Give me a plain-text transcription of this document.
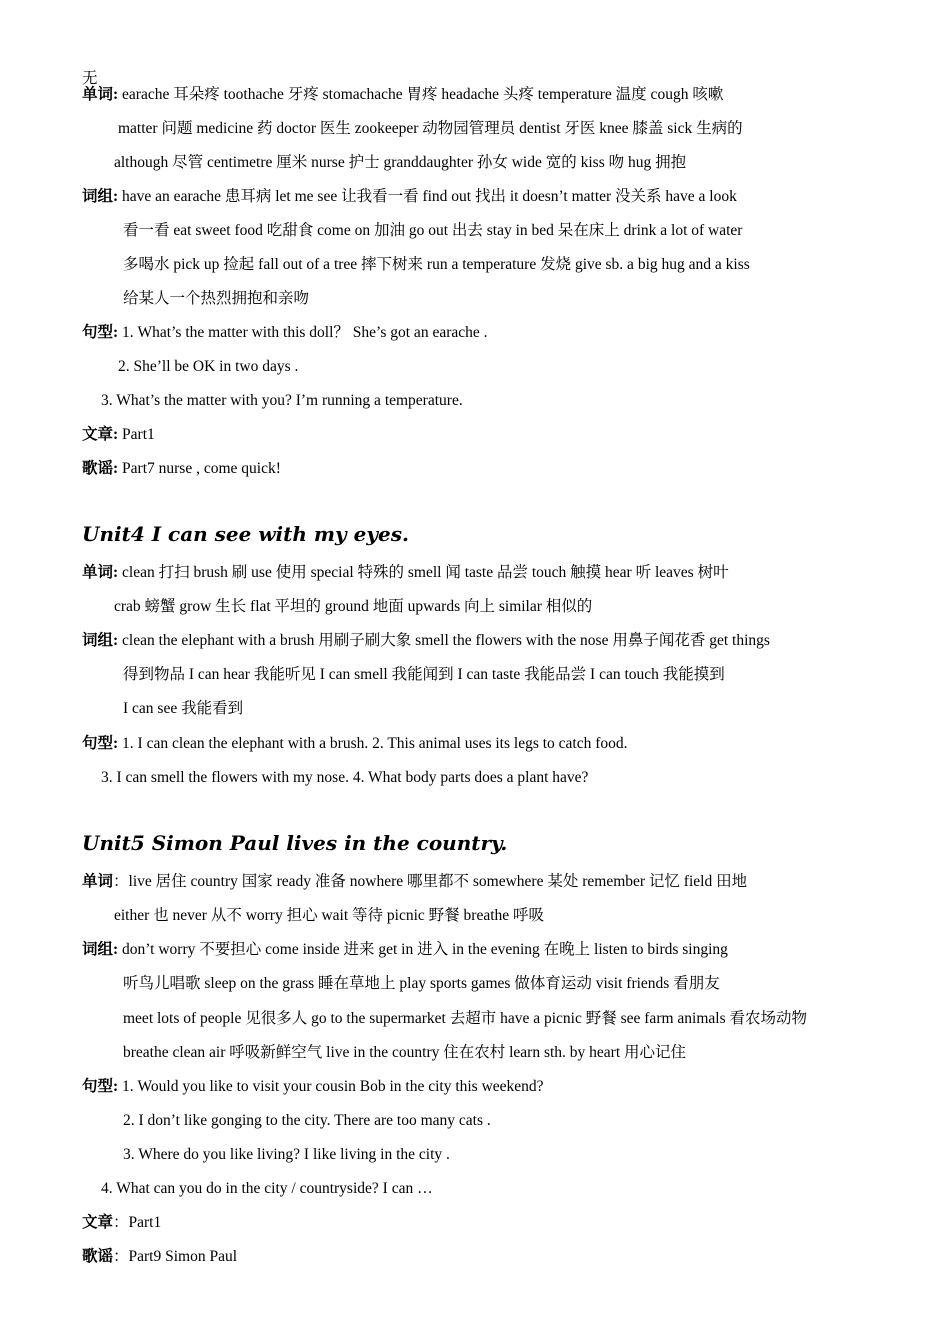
无
单词: earache 耳朵疼 toothache 牙疼 stomachache 胃疼 headache 头疼 temperature 温度 cough 咳嗽
matter 问题 medicine 药 doctor 医生 zookeeper 动物园管理员 dentist 牙医 knee 膝盖 sick 生病的
although 尽管 centimetre 厘米 nurse 护士 granddaughter 孙女 wide 宽的 kiss 吻 hug 拥抱
词组: have an earache 患耳病 let me see 让我看一看 find out 找出 it doesn’t matter 没关系 have a look
看一看 eat sweet food 吃甜食 come on 加油 go out 出去 stay in bed 呆在床上 drink a lot of water
多喝水 pick up 捡起 fall out of a tree 摔下树来 run a temperature 发烧 give sb. a big hug and a kiss
给某人一个热烈拥抱和亲吻
句型: 1. What’s the matter with this doll？ She’s got an earache .
2. She’ll be OK in two days .
3. What’s the matter with you? I’m running a temperature.
文章: Part1
歌谣: Part7 nurse , come quick!
Unit4 I can see with my eyes.
单词: clean 打扫 brush 刷 use 使用 special 特殊的 smell 闻 taste 品尝 touch 触摸 hear 听 leaves 树叶
crab 螃蟹 grow 生长 flat 平坦的 ground 地面 upwards 向上 similar 相似的
词组: clean the elephant with a brush 用刷子刷大象 smell the flowers with the nose 用鼻子闻花香 get things
得到物品 I can hear 我能听见 I can smell 我能闻到 I can taste 我能品尝 I can touch 我能摸到
I can see 我能看到
句型: 1. I can clean the elephant with a brush. 2. This animal uses its legs to catch food.
3. I can smell the flowers with my nose. 4. What body parts does a plant have?
Unit5 Simon Paul lives in the country.
单词：live 居住 country 国家 ready 准备 nowhere 哪里都不 somewhere 某处 remember 记忆 field 田地
either 也 never 从不 worry 担心 wait 等待 picnic 野餐 breathe 呼吸
词组: don’t worry 不要担心 come inside 进来 get in 进入 in the evening 在晚上 listen to birds singing
听鸟儿唱歌 sleep on the grass 睡在草地上 play sports games 做体育运动 visit friends 看朋友
meet lots of people 见很多人 go to the supermarket 去超市 have a picnic 野餐 see farm animals 看农场动物
breathe clean air 呼吸新鲜空气 live in the country 住在农村 learn sth. by heart 用心记住
句型: 1. Would you like to visit your cousin Bob in the city this weekend?
2. I don’t like gonging to the city. There are too many cats .
3. Where do you like living? I like living in the city .
4. What can you do in the city / countryside? I can …
文章：Part1
歌谣：Part9 Simon Paul
